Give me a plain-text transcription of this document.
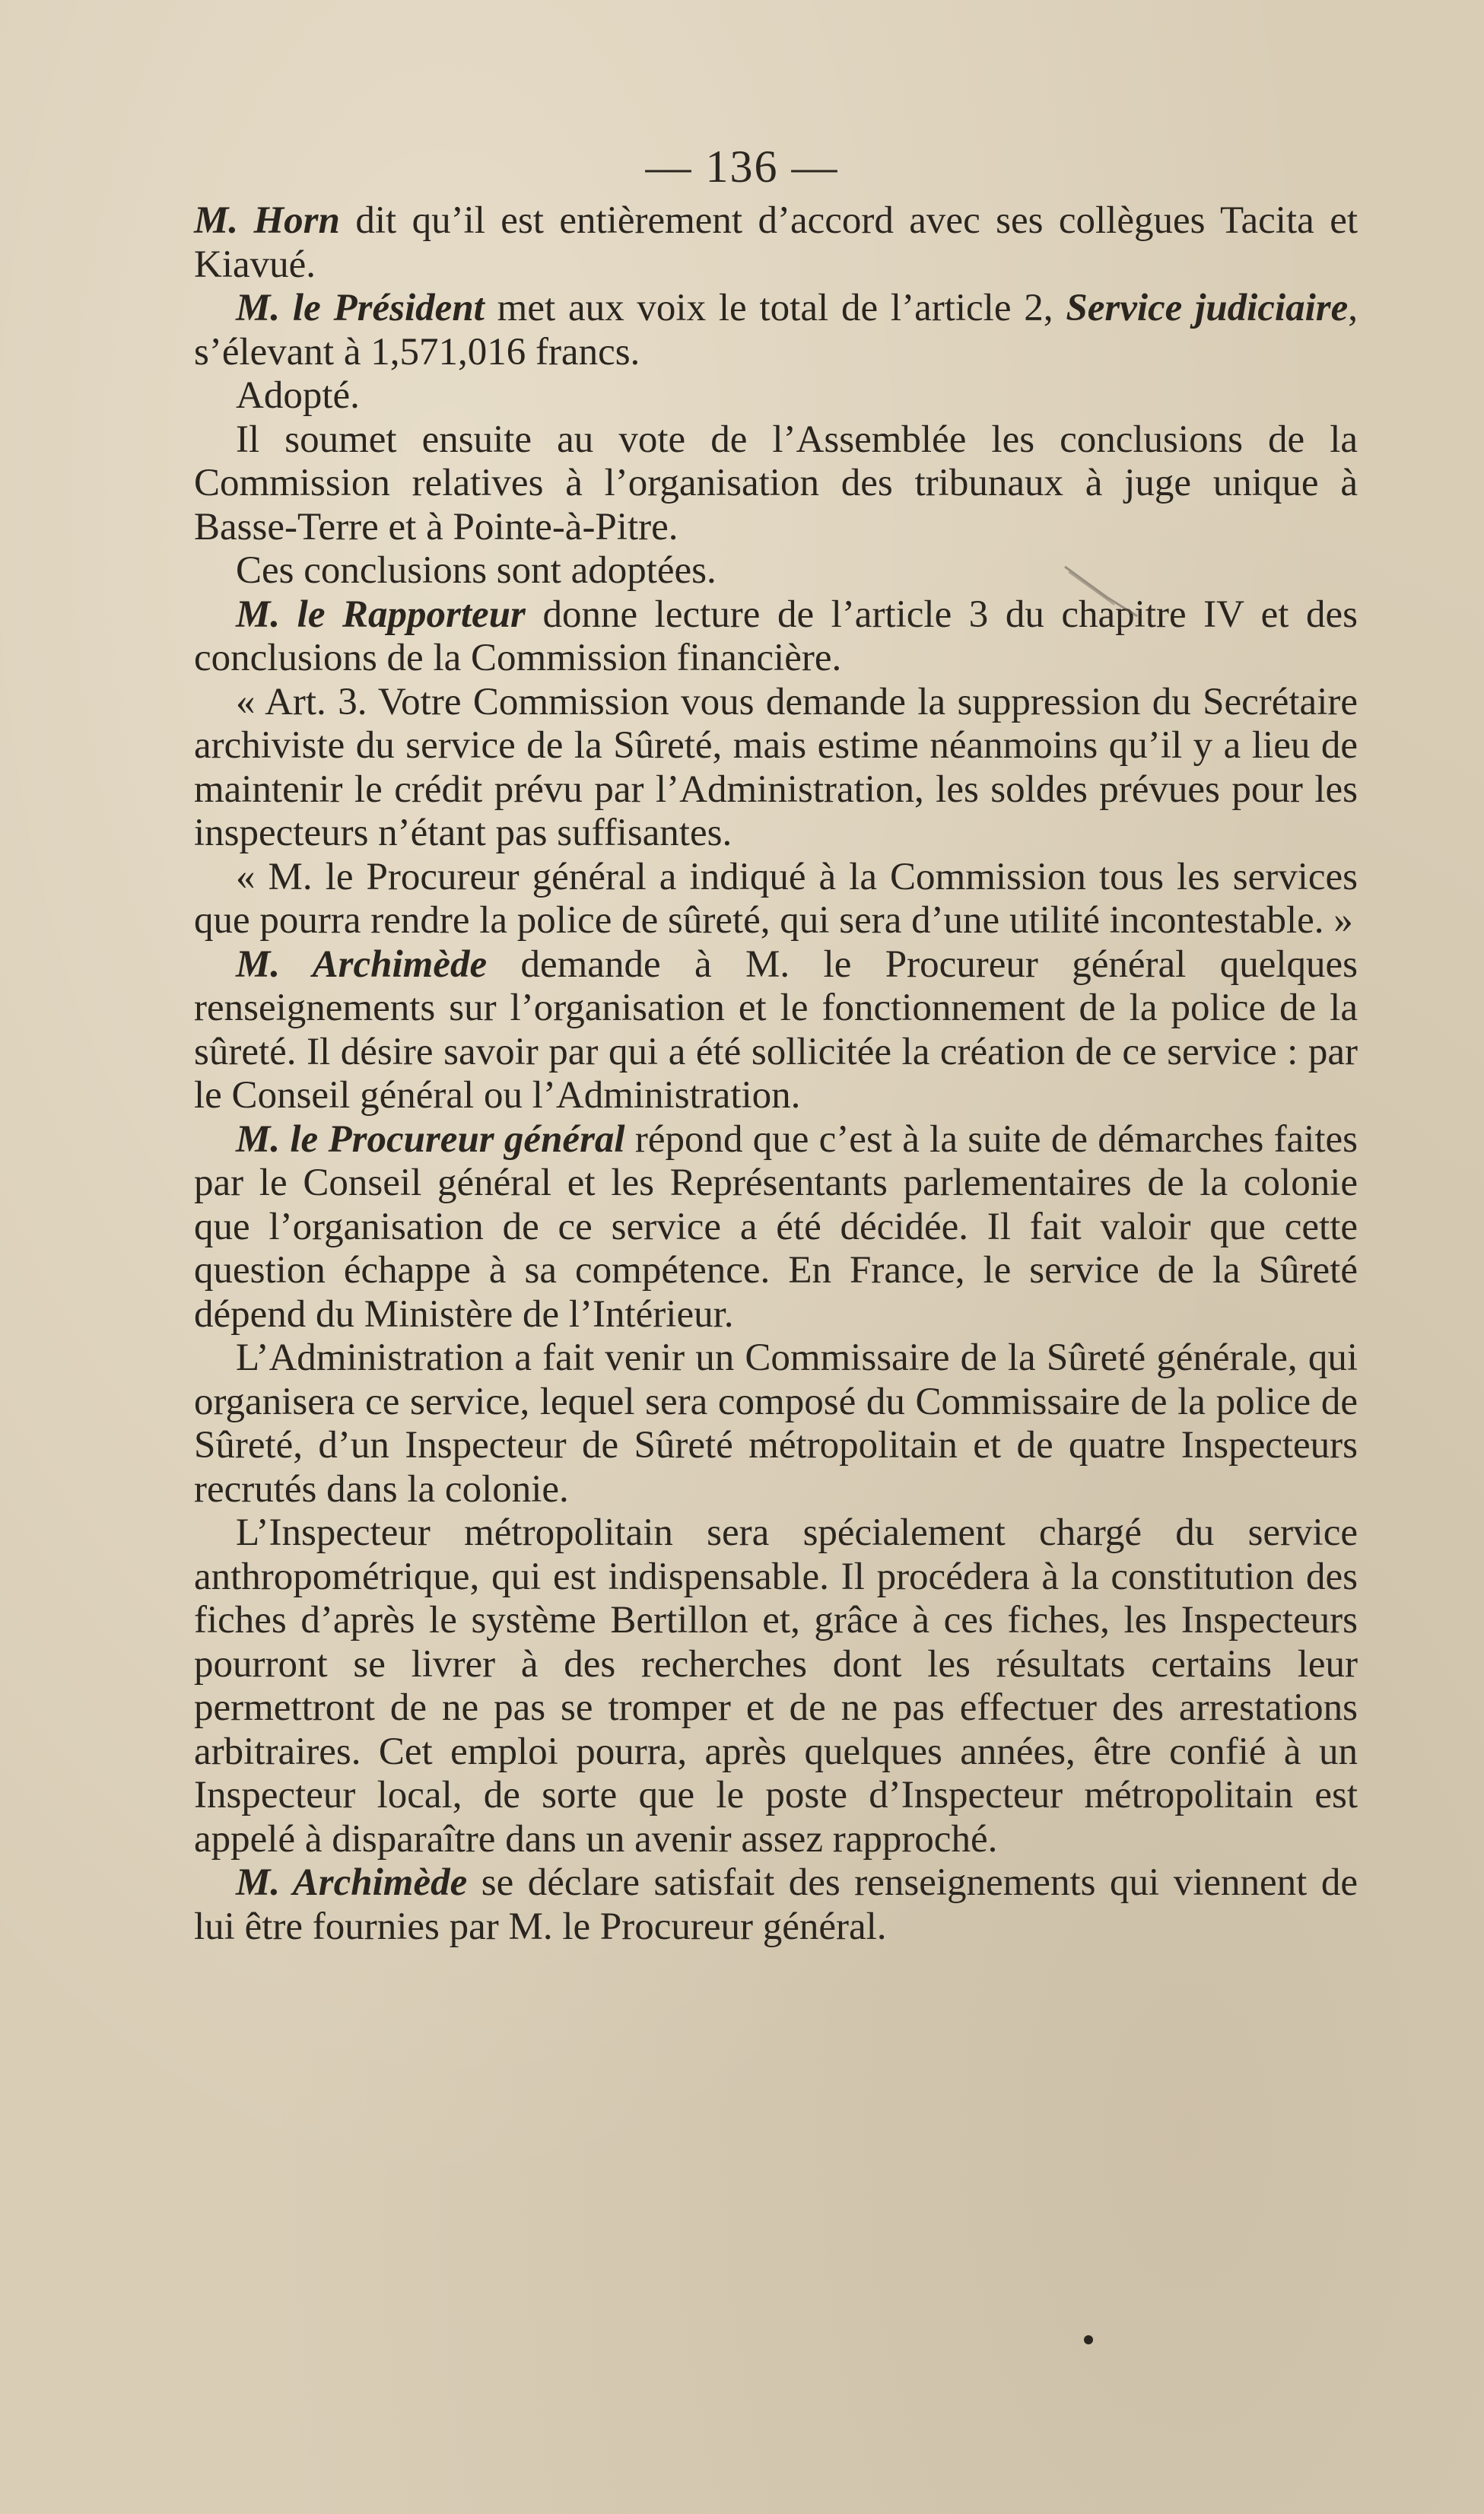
— 136 —

M. Horn dit qu’il est entièrement d’accord avec ses collègues Tacita et Kiavué.

M. le Président met aux voix le total de l’article 2, Service judiciaire, s’élevant à 1,571,016 francs.

Adopté.

Il soumet ensuite au vote de l’Assemblée les conclusions de la Commission relatives à l’organisation des tribunaux à juge unique à Basse-Terre et à Pointe-à-Pitre.

Ces conclusions sont adoptées.

M. le Rapporteur donne lecture de l’article 3 du chapitre IV et des conclusions de la Commission financière.

« Art. 3. Votre Commission vous demande la suppression du Secrétaire archiviste du service de la Sûreté, mais estime néanmoins qu’il y a lieu de maintenir le crédit prévu par l’Administration, les soldes prévues pour les inspecteurs n’étant pas suffisantes.

« M. le Procureur général a indiqué à la Commission tous les services que pourra rendre la police de sûreté, qui sera d’une utilité incontestable. »

M. Archimède demande à M. le Procureur général quelques renseignements sur l’organisation et le fonctionnement de la police de la sûreté. Il désire savoir par qui a été sollicitée la création de ce service : par le Conseil général ou l’Administration.

M. le Procureur général répond que c’est à la suite de démarches faites par le Conseil général et les Représentants parlementaires de la colonie que l’organisation de ce service a été décidée. Il fait valoir que cette question échappe à sa compétence. En France, le service de la Sûreté dépend du Ministère de l’Intérieur.

L’Administration a fait venir un Commissaire de la Sûreté générale, qui organisera ce service, lequel sera composé du Commissaire de la police de Sûreté, d’un Inspecteur de Sûreté métropolitain et de quatre Inspecteurs recrutés dans la colonie.

L’Inspecteur métropolitain sera spécialement chargé du service anthropométrique, qui est indispensable. Il procédera à la constitution des fiches d’après le système Bertillon et, grâce à ces fiches, les Inspecteurs pourront se livrer à des recherches dont les résultats certains leur permettront de ne pas se tromper et de ne pas effectuer des arrestations arbitraires. Cet emploi pourra, après quelques années, être confié à un Inspecteur local, de sorte que le poste d’Inspecteur métropolitain est appelé à disparaître dans un avenir assez rapproché.

M. Archimède se déclare satisfait des renseignements qui viennent de lui être fournies par M. le Procureur général.
